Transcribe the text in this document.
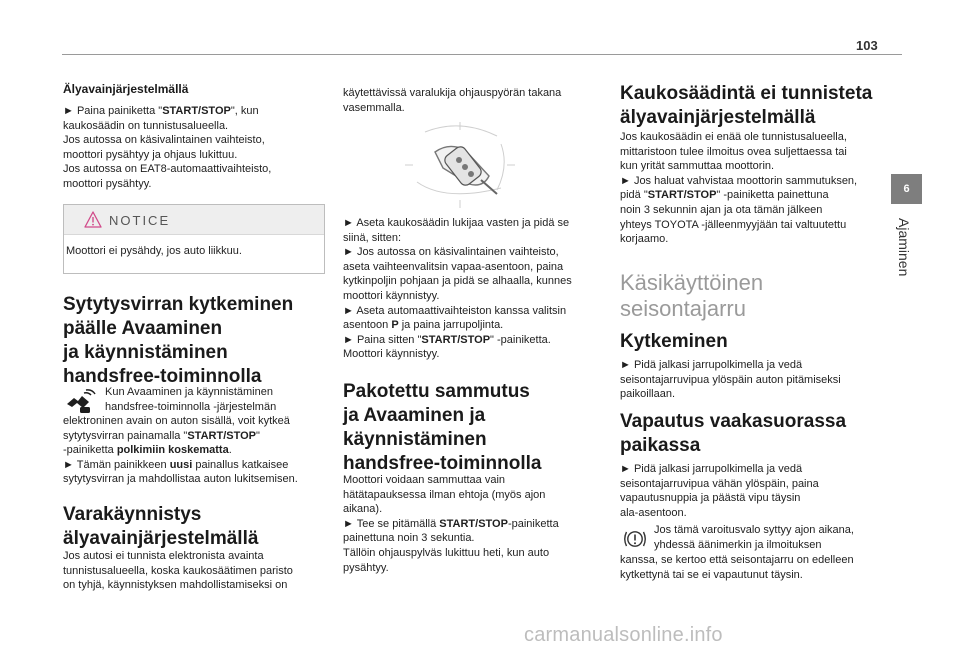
103
6
Ajaminen
Älyavainjärjestelmällä
► Paina painiketta "START/STOP", kun
kaukosäädin on tunnistusalueella.
Jos autossa on käsivalintainen vaihteisto,
moottori pysähtyy ja ohjaus lukittuu.
Jos autossa on EAT8-automaattivaihteisto,
moottori pysähtyy.
NOTICE
Moottori ei pysähdy, jos auto liikkuu.
Sytytysvirran kytkeminen
päälle Avaaminen
ja käynnistäminen
handsfree-toiminnolla
Kun Avaaminen ja käynnistäminen
handsfree-toiminnolla -järjestelmän
elektroninen avain on auton sisällä, voit kytkeä
sytytysvirran painamalla "START/STOP"
-painiketta polkimiin koskematta.
► Tämän painikkeen uusi painallus katkaisee
sytytysvirran ja mahdollistaa auton lukitsemisen.
Varakäynnistys
älyavainjärjestelmällä
Jos autosi ei tunnista elektronista avainta
tunnistusalueella, koska kaukosäätimen paristo
on tyhjä, käynnistyksen mahdollistamiseksi on
käytettävissä varalukija ohjauspyörän takana
vasemmalla.
► Aseta kaukosäädin lukijaa vasten ja pidä se
siinä, sitten:
► Jos autossa on käsivalintainen vaihteisto,
aseta vaihteenvalitsin vapaa-asentoon, paina
kytkinpoljin pohjaan ja pidä se alhaalla, kunnes
moottori käynnistyy.
► Aseta automaattivaihteiston kanssa valitsin
asentoon P ja paina jarrupoljinta.
► Paina sitten "START/STOP" -painiketta.
Moottori käynnistyy.
Pakotettu sammutus
ja Avaaminen ja
käynnistäminen
handsfree-toiminnolla
Moottori voidaan sammuttaa vain
hätätapauksessa ilman ehtoja (myös ajon
aikana).
► Tee se pitämällä START/STOP-painiketta
painettuna noin 3 sekuntia.
Tällöin ohjauspylväs lukittuu heti, kun auto
pysähtyy.
Kaukosäädintä ei tunnisteta
älyavainjärjestelmällä
Jos kaukosäädin ei enää ole tunnistusalueella,
mittaristoon tulee ilmoitus ovea suljettaessa tai
kun yrität sammuttaa moottorin.
► Jos haluat vahvistaa moottorin sammutuksen,
pidä "START/STOP" -painiketta painettuna
noin 3 sekunnin ajan ja ota tämän jälkeen
yhteys TOYOTA -jälleenmyyjään tai valtuutettu
korjaamo.
Käsikäyttöinen
seisontajarru
Kytkeminen
► Pidä jalkasi jarrupolkimella ja vedä
seisontajarruvipua ylöspäin auton pitämiseksi
paikoillaan.
Vapautus vaakasuorassa
paikassa
► Pidä jalkasi jarrupolkimella ja vedä
seisontajarruvipua vähän ylöspäin, paina
vapautusnuppia ja päästä vipu täysin
ala-asentoon.
Jos tämä varoitusvalo syttyy ajon aikana,
yhdessä äänimerkin ja ilmoituksen
kanssa, se kertoo että seisontajarru on edelleen
kytkettynä tai se ei vapautunut täysin.
carmanualsonline.info
